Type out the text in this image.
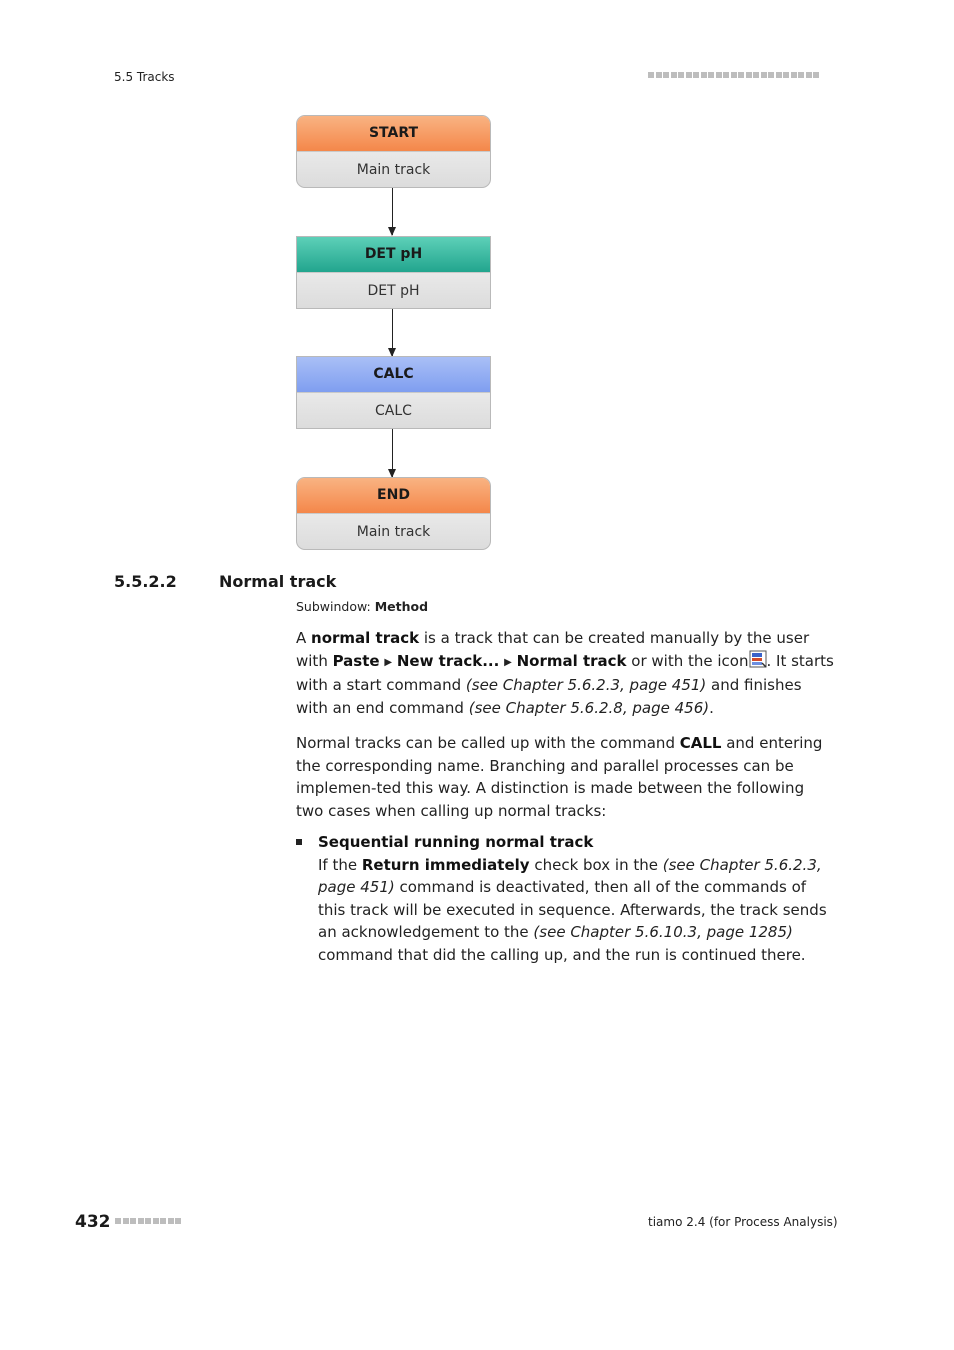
5.5 Tracks
START
Main track
DET pH
DET pH
CALC
CALC
END
Main track
5.5.2.2	Normal track
Subwindow: Method
A normal track is a track that can be created manually by the user with Paste ▶ New track... ▶ Normal track or with the icon . It starts with a start command (see Chapter 5.6.2.3, page 451) and finishes with an end command (see Chapter 5.6.2.8, page 456).
Normal tracks can be called up with the command CALL and entering the corresponding name. Branching and parallel processes can be implemen-ted this way. A distinction is made between the following two cases when calling up normal tracks:
Sequential running normal track
If the Return immediately check box in the (see Chapter 5.6.2.3, page 451) command is deactivated, then all of the commands of this track will be executed in sequence. Afterwards, the track sends an acknowledgement to the (see Chapter 5.6.10.3, page 1285) command that did the calling up, and the run is continued there.
432	tiamo 2.4 (for Process Analysis)
